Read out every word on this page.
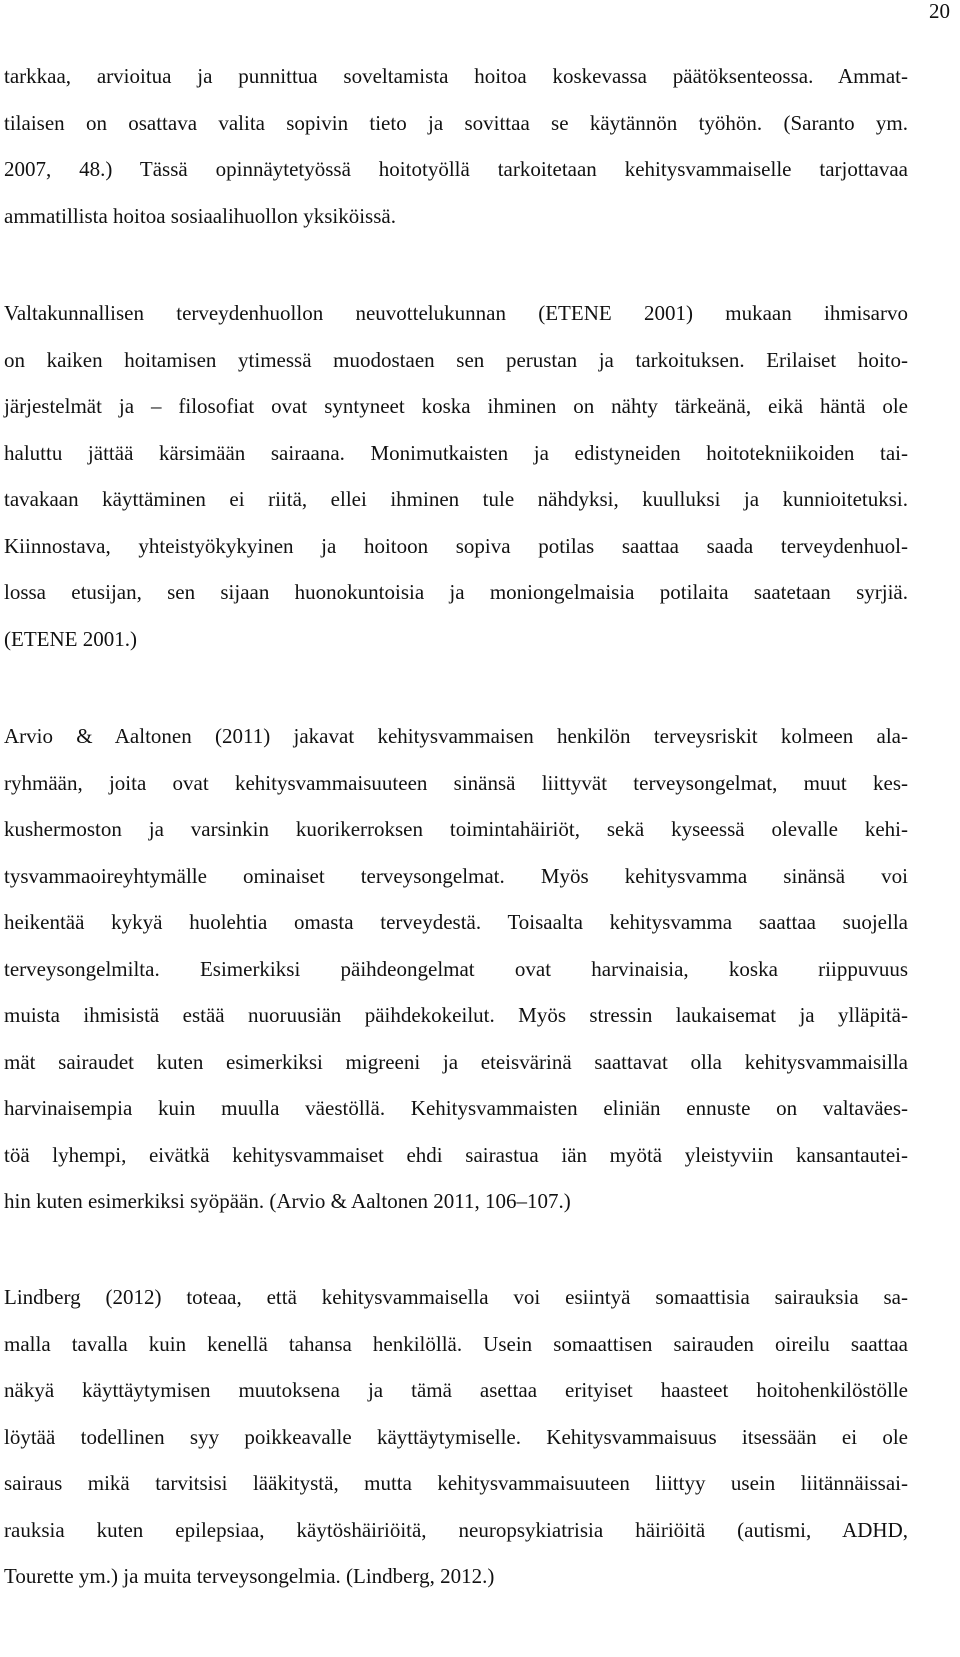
20
tarkkaa, arvioitua ja punnittua soveltamista hoitoa koskevassa päätöksenteossa. Ammat-
tilaisen on osattava valita sopivin tieto ja sovittaa se käytännön työhön. (Saranto ym.
2007, 48.) Tässä opinnäytetyössä hoitotyöllä tarkoitetaan kehitysvammaiselle tarjottavaa
ammatillista hoitoa sosiaalihuollon yksiköissä.
Valtakunnallisen terveydenhuollon neuvottelukunnan (ETENE 2001) mukaan ihmisarvo
on kaiken hoitamisen ytimessä muodostaen sen perustan ja tarkoituksen. Erilaiset hoito-
järjestelmät ja – filosofiat ovat syntyneet koska ihminen on nähty tärkeänä, eikä häntä ole
haluttu jättää kärsimään sairaana. Monimutkaisten ja edistyneiden hoitotekniikoiden tai-
tavakaan käyttäminen ei riitä, ellei ihminen tule nähdyksi, kuulluksi ja kunnioitetuksi.
Kiinnostava, yhteistyökykyinen ja hoitoon sopiva potilas saattaa saada terveydenhuol-
lossa etusijan, sen sijaan huonokuntoisia ja moniongelmaisia potilaita saatetaan syrjiä.
(ETENE 2001.)
Arvio & Aaltonen (2011) jakavat kehitysvammaisen henkilön terveysriskit kolmeen ala-
ryhmään, joita ovat kehitysvammaisuuteen sinänsä liittyvät terveysongelmat, muut kes-
kushermoston ja varsinkin kuorikerroksen toimintahäiriöt, sekä kyseessä olevalle kehi-
tysvammaoireyhtymälle ominaiset terveysongelmat. Myös kehitysvamma sinänsä voi
heikentää kykyä huolehtia omasta terveydestä. Toisaalta kehitysvamma saattaa suojella
terveysongelmilta. Esimerkiksi päihdeongelmat ovat harvinaisia, koska riippuvuus
muista ihmisistä estää nuoruusiän päihdekokeilut. Myös stressin laukaisemat ja ylläpitä-
mät sairaudet kuten esimerkiksi migreeni ja eteisvärinä saattavat olla kehitysvammaisilla
harvinaisempia kuin muulla väestöllä. Kehitysvammaisten eliniän ennuste on valtaväes-
töä lyhempi, eivätkä kehitysvammaiset ehdi sairastua iän myötä yleistyviin kansantautei-
hin kuten esimerkiksi syöpään. (Arvio & Aaltonen 2011, 106–107.)
Lindberg (2012) toteaa, että kehitysvammaisella voi esiintyä somaattisia sairauksia sa-
malla tavalla kuin kenellä tahansa henkilöllä. Usein somaattisen sairauden oireilu saattaa
näkyä käyttäytymisen muutoksena ja tämä asettaa erityiset haasteet hoitohenkilöstölle
löytää todellinen syy poikkeavalle käyttäytymiselle. Kehitysvammaisuus itsessään ei ole
sairaus mikä tarvitsisi lääkitystä, mutta kehitysvammaisuuteen liittyy usein liitännäissai-
rauksia kuten epilepsiaa, käytöshäiriöitä, neuropsykiatrisia häiriöitä (autismi, ADHD,
Tourette ym.) ja muita terveysongelmia. (Lindberg, 2012.)
